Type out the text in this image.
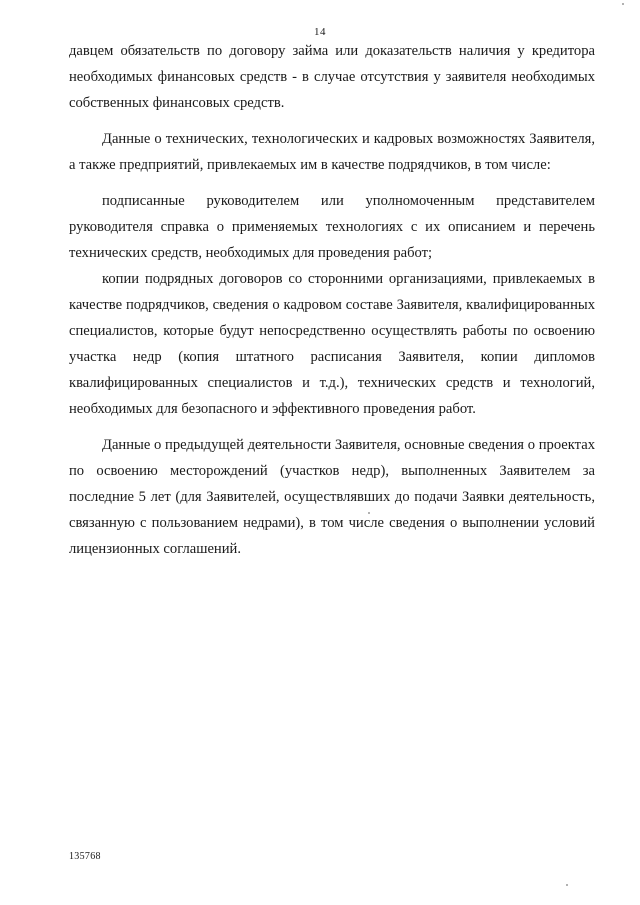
14

давцем обязательств по договору займа или доказательств наличия у кредитора необходимых финансовых средств - в случае отсутствия у заявителя необходимых собственных финансовых средств.

Данные о технических, технологических и кадровых возможностях Заявителя, а также предприятий, привлекаемых им в качестве подрядчиков, в том числе:

подписанные руководителем или уполномоченным представителем руководителя справка о применяемых технологиях с их описанием и перечень технических средств, необходимых для проведения работ;

копии подрядных договоров со сторонними организациями, привлекаемых в качестве подрядчиков, сведения о кадровом составе Заявителя, квалифицированных специалистов, которые будут непосредственно осуществлять работы по освоению участка недр (копия штатного расписания Заявителя, копии дипломов квалифицированных специалистов и т.д.), технических средств и технологий, необходимых для безопасного и эффективного проведения работ.

Данные о предыдущей деятельности Заявителя, основные сведения о проектах по освоению месторождений (участков недр), выполненных Заявителем за последние 5 лет (для Заявителей, осуществлявших до подачи Заявки деятельность, связанную с пользованием недрами), в том числе сведения о выполнении условий лицензионных соглашений.

135768
